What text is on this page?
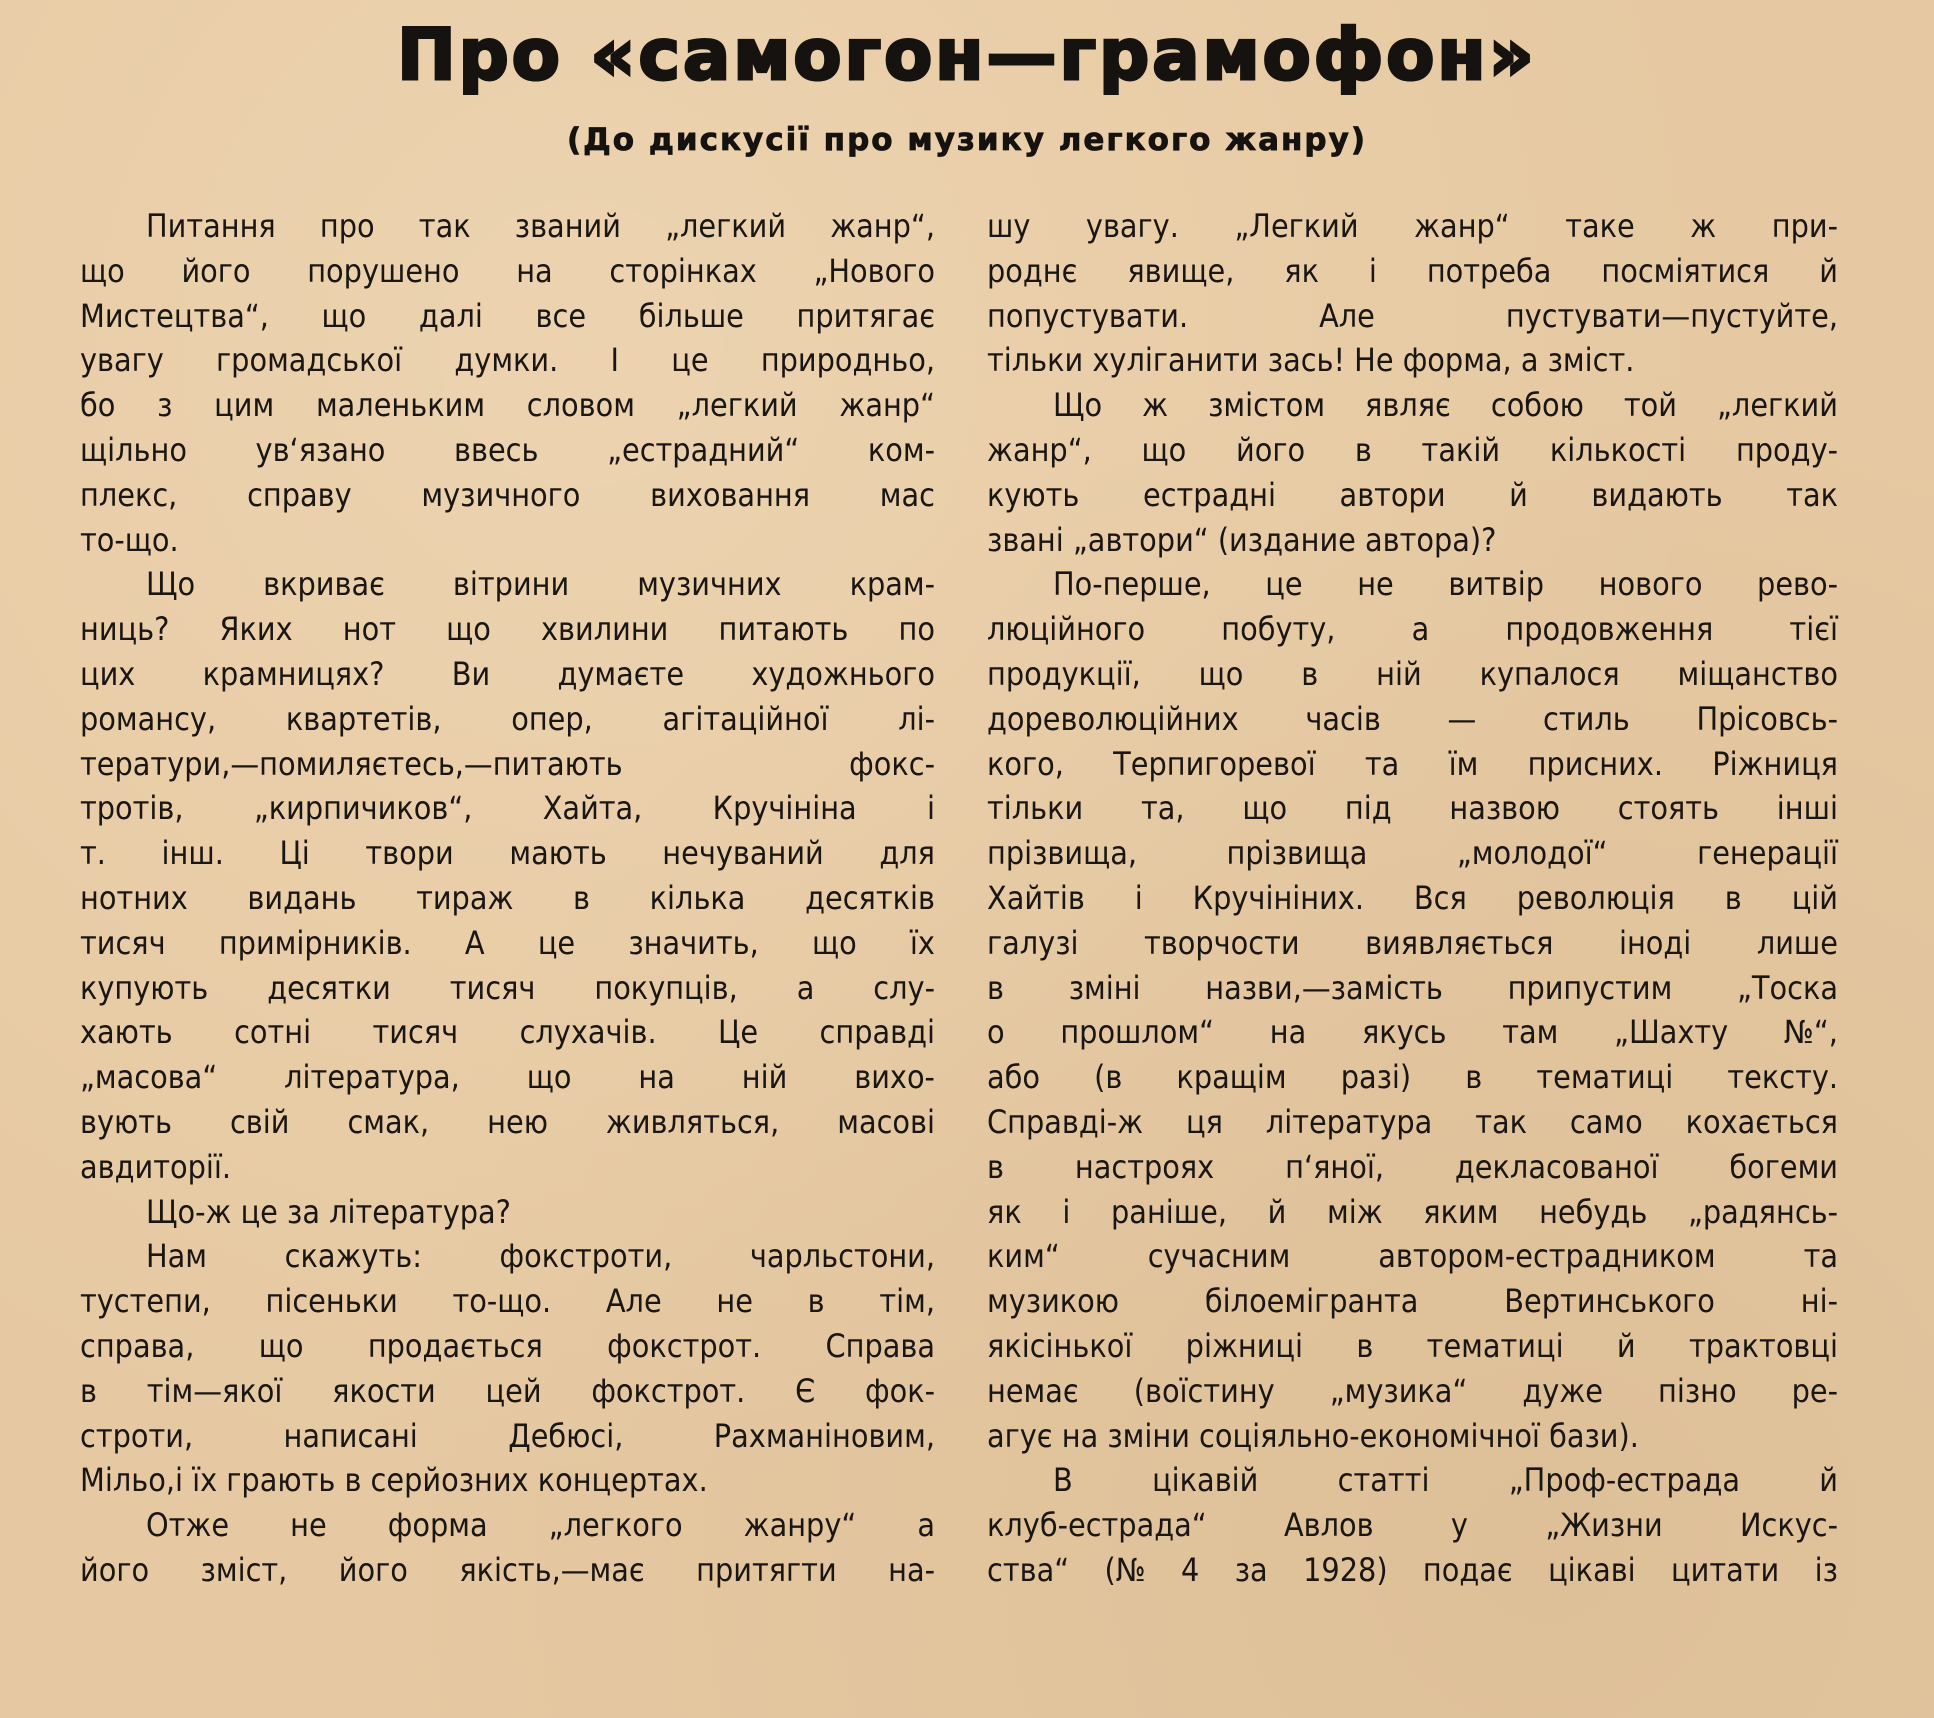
Про «самогон—грамофон»
(До дискусії про музику легкого жанру)
Питання про так званий „легкий жанр“,
що його порушено на сторінках „Нового
Мистецтва“, що далі все більше притягає
увагу громадської думки. І це природньо,
бо з цим маленьким словом „легкий жанр“
щільно ув‘язано ввесь „естрадний“ ком-
плекс, справу музичного виховання мас
то-що.
Що вкриває вітрини музичних крам-
ниць? Яких нот що хвилини питають по
цих крамницях? Ви думаєте художнього
романсу, квартетів, опер, агітаційної лі-
тератури,—помиляєтесь,—питають	фокс-
тротів, „кирпичиков“, Хайта, Кручініна і
т. інш. Ці твори мають нечуваний для
нотних видань тираж в кілька десятків
тисяч примірників. А це значить, що їх
купують десятки тисяч покупців, а слу-
хають сотні тисяч слухачів. Це справді
„масова“ література, що на ній вихо-
вують свій смак, нею живляться, масові
авдиторії.
Що-ж це за література?
Нам скажуть: фокстроти, чарльстони,
тустепи, пісеньки то-що. Але не в тім,
справа, що продається фокстрот. Справа
в тім—якої якости цей фокстрот. Є фок-
строти,	написані	Дебюсі,	Рахманіновим,
Мільо,і їх грають в серйозних концертах.
Отже не форма „легкого жанру“ а
його зміст, його якість,—має притягти на-
шу увагу. „Легкий жанр“ таке ж при-
роднє явище, як і потреба посміятися й
попустувати.	Але	пустувати—пустуйте,
тільки хуліганити зась! Не форма, а зміст.
Що ж змістом являє собою той „легкий
жанр“, що його в такій кількості проду-
кують естрадні автори й видають так
звані „автори“ (издание автора)?
По-перше, це не витвір нового рево-
люційного побуту, а продовження тієї
продукції, що в ній купалося міщанство
дореволюційних часів — стиль Прісовсь-
кого, Терпигоревої та їм присних. Ріжниця
тільки та, що під назвою стоять інші
прізвища,	прізвища	„молодої“	генерації
Хайтів і Кручініних. Вся революція в цій
галузі творчости виявляється іноді лише
в зміні назви,—замість припустим „Тоска
о прошлом“ на якусь там „Шахту №“,
або (в кращім разі) в тематиці тексту.
Справді-ж ця література так само кохається
в настроях п‘яної, декласованої богеми
як і раніше, й між яким небудь „радянсь-
ким“	сучасним	автором-естрадником	та
музикою	білоемігранта	Вертинського	ні-
якісінької ріжниці в тематиці й трактовці
немає (воїстину „музика“ дуже пізно ре-
агує на зміни соціяльно-економічної бази).
В цікавій статті „Проф-естрада й
клуб-естрада“ Авлов у „Жизни Искус-
ства“ (№ 4 за 1928) подає цікаві цитати із
